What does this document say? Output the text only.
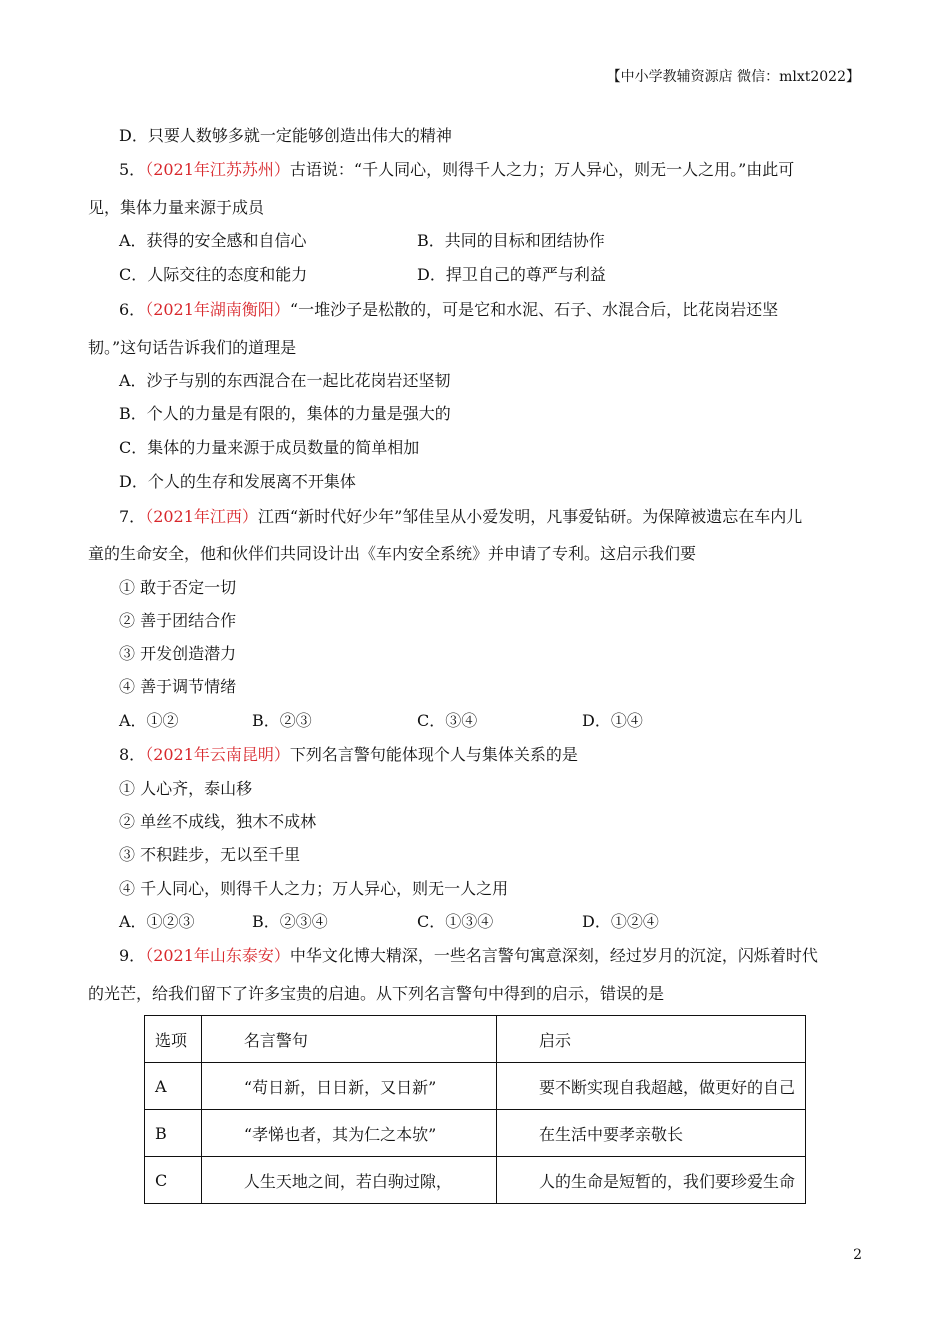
【中小学教辅资源店 微信：mlxt2022】
D．只要人数够多就一定能够创造出伟大的精神
5．（2021年江苏苏州）古语说：“千人同心，则得千人之力；万人异心，则无一人之用。”由此可
见，集体力量来源于成员
A．获得的安全感和自信心	B．共同的目标和团结协作
C．人际交往的态度和能力	D．捍卫自己的尊严与利益
6．（2021年湖南衡阳）“一堆沙子是松散的，可是它和水泥、石子、水混合后，比花岗岩还坚
韧。”这句话告诉我们的道理是
A．沙子与别的东西混合在一起比花岗岩还坚韧
B．个人的力量是有限的，集体的力量是强大的
C．集体的力量来源于成员数量的简单相加
D．个人的生存和发展离不开集体
7．（2021年江西）江西“新时代好少年”邹佳呈从小爱发明，凡事爱钻研。为保障被遗忘在车内儿
童的生命安全，他和伙伴们共同设计出《车内安全系统》并申请了专利。这启示我们要
① 敢于否定一切
② 善于团结合作
③ 开发创造潜力
④ 善于调节情绪
A．①②	B．②③	C．③④	D．①④
8．（2021年云南昆明）下列名言警句能体现个人与集体关系的是
① 人心齐，泰山移
② 单丝不成线，独木不成林
③ 不积跬步，无以至千里
④ 千人同心，则得千人之力；万人异心，则无一人之用
A．①②③	B．②③④	C．①③④	D．①②④
9．（2021年山东泰安）中华文化博大精深，一些名言警句寓意深刻，经过岁月的沉淀，闪烁着时代
的光芒，给我们留下了许多宝贵的启迪。从下列名言警句中得到的启示，错误的是
选项	名言警句	启示
A	“苟日新，日日新，又日新”	要不断实现自我超越，做更好的自己
B	“孝悌也者，其为仁之本欤”	在生活中要孝亲敬长
C	人生天地之间，若白驹过隙，	人的生命是短暂的，我们要珍爱生命
2
